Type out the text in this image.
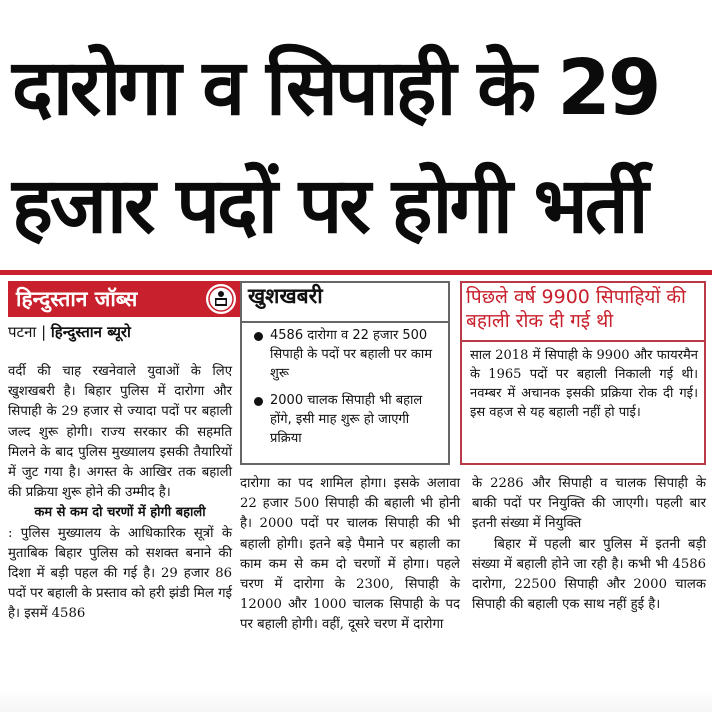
दारोगा व सिपाही के 29
हजार पदों पर होगी भर्ती
हिन्दुस्तान जॉब्स
पटना | हिन्दुस्तान ब्यूरो

वर्दी की चाह रखनेवाले युवाओं के लिए खुशखबरी है। बिहार पुलिस में दारोगा और सिपाही के 29 हजार से ज्यादा पदों पर बहाली जल्द शुरू होगी। राज्य सरकार की सहमति मिलने के बाद पुलिस मुख्यालय इसकी तैयारियों में जुट गया है। अगस्त के आखिर तक बहाली की प्रक्रिया शुरू होने की उम्मीद है।

कम से कम दो चरणों में होगी बहाली

: पुलिस मुख्यालय के आधिकारिक सूत्रों के मुताबिक बिहार पुलिस को सशक्त बनाने की दिशा में बड़ी पहल की गई है। 29 हजार 86 पदों पर बहाली के प्रस्ताव को हरी झंडी मिल गई है। इसमें 4586

खुशखबरी
4586 दारोगा व 22 हजार 500 सिपाही के पदों पर बहाली पर काम शुरू
2000 चालक सिपाही भी बहाल होंगे, इसी माह शुरू हो जाएगी प्रक्रिया
पिछले वर्ष 9900 सिपाहियों की बहाली रोक दी गई थी
साल 2018 में सिपाही के 9900 और फायरमैन के 1965 पदों पर बहाली निकाली गई थी। नवम्बर में अचानक इसकी प्रक्रिया रोक दी गई। इस वहज से यह बहाली नहीं हो पाई।

दारोगा का पद शामिल होगा। इसके अलावा 22 हजार 500 सिपाही की बहाली भी होनी है। 2000 पदों पर चालक सिपाही की भी बहाली होगी। इतने बड़े पैमाने पर बहाली का काम कम से कम दो चरणों में होगा। पहले चरण में दारोगा के 2300, सिपाही के 12000 और 1000 चालक सिपाही के पद पर बहाली होगी। वहीं, दूसरे चरण में दारोगा

के 2286 और सिपाही व चालक सिपाही के बाकी पदों पर नियुक्ति की जाएगी। पहली बार इतनी संख्या में नियुक्ति

बिहार में पहली बार पुलिस में इतनी बड़ी संख्या में बहाली होने जा रही है। कभी भी 4586 दारोगा, 22500 सिपाही और 2000 चालक सिपाही की बहाली एक साथ नहीं हुई है।
